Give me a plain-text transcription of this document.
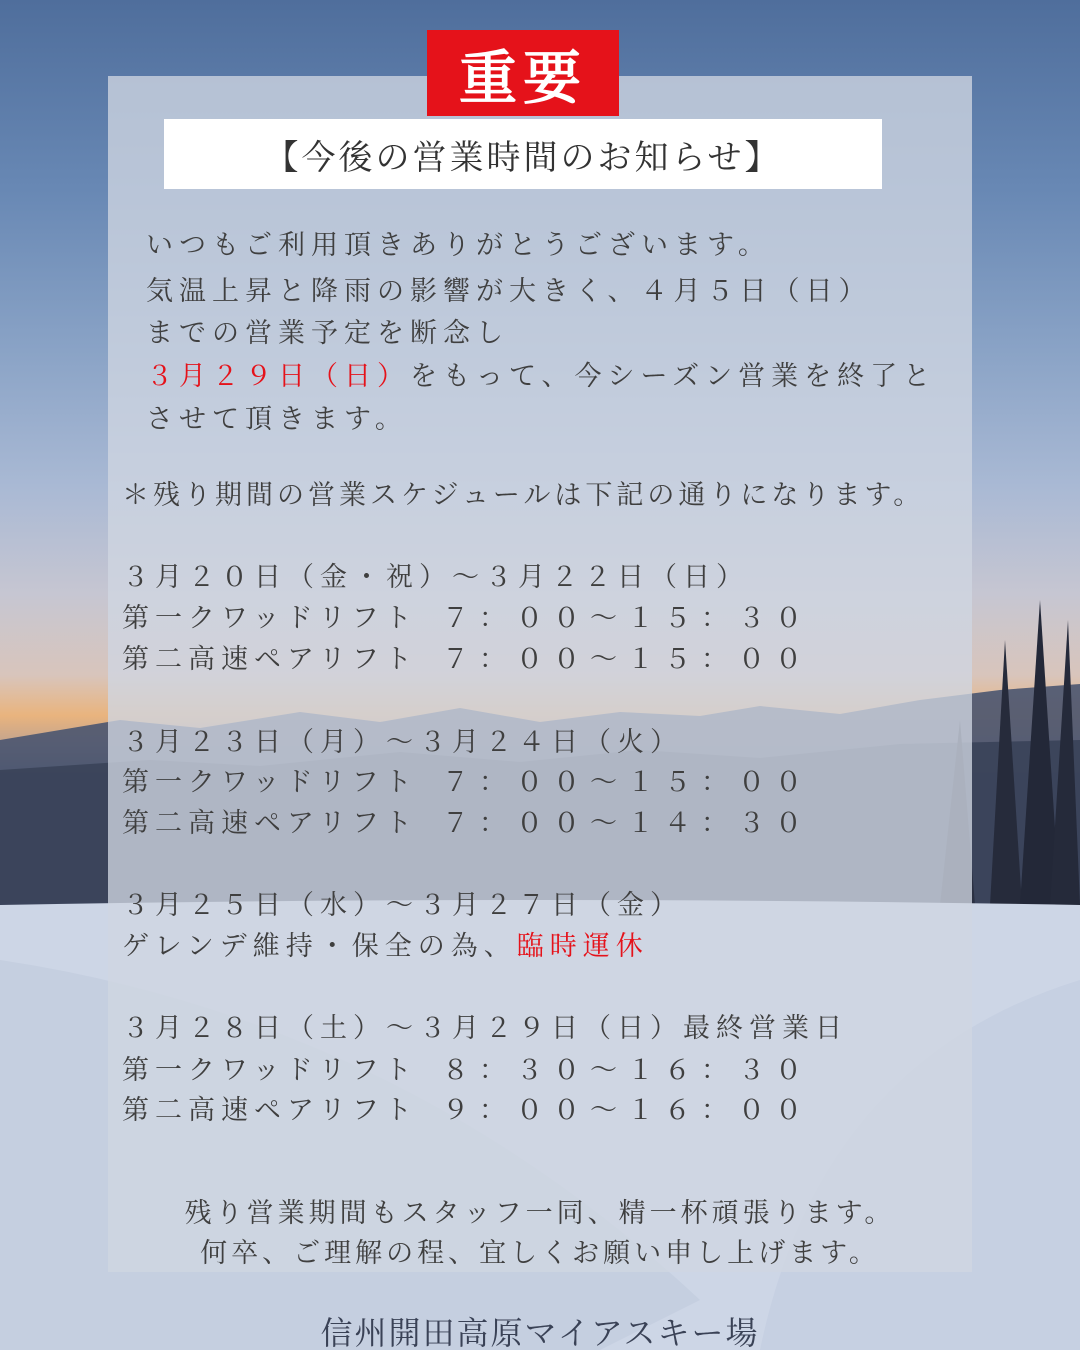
重要
【今後の営業時間のお知らせ】
いつもご利用頂きありがとうございます。
気温上昇と降雨の影響が大きく、４月５日（日）
までの営業予定を断念し
３月２９日（日）をもって、今シーズン営業を終了と
させて頂きます。
＊残り期間の営業スケジュールは下記の通りになります。
３月２０日（金・祝）～３月２２日（日）
第一クワッドリフト ７：００～１５：３０
第二高速ペアリフト ７：００～１５：００
３月２３日（月）～３月２４日（火）
第一クワッドリフト ７：００～１５：００
第二高速ペアリフト ７：００～１４：３０
３月２５日（水）～３月２７日（金）
ゲレンデ維持・保全の為、臨時運休
３月２８日（土）～３月２９日（日）最終営業日
第一クワッドリフト ８：３０～１６：３０
第二高速ペアリフト ９：００～１６：００
残り営業期間もスタッフ一同、精一杯頑張ります。
何卒、ご理解の程、宜しくお願い申し上げます。
信州開田高原マイアスキー場
